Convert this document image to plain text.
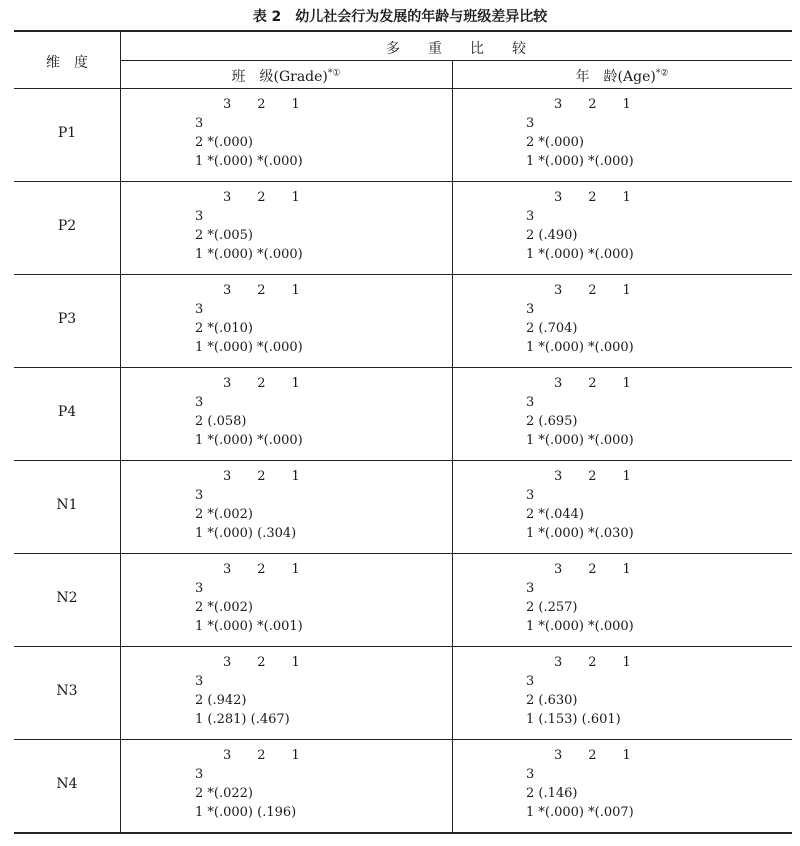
表 2　幼儿社会行为发展的年龄与班级差异比较
维　度
多　　重　　比　　较
班　级(Grade)*①	年　龄(Age)*②
P1
3　　2　　1
3
2 *(.000)
1 *(.000) *(.000)
3　　2　　1
3
2 *(.000)
1 *(.000) *(.000)
P2
3　　2　　1
3
2 *(.005)
1 *(.000) *(.000)
3　　2　　1
3
2 (.490)
1 *(.000) *(.000)
P3
3　　2　　1
3
2 *(.010)
1 *(.000) *(.000)
3　　2　　1
3
2 (.704)
1 *(.000) *(.000)
P4
3　　2　　1
3
2 (.058)
1 *(.000) *(.000)
3　　2　　1
3
2 (.695)
1 *(.000) *(.000)
N1
3　　2　　1
3
2 *(.002)
1 *(.000) (.304)
3　　2　　1
3
2 *(.044)
1 *(.000) *(.030)
N2
3　　2　　1
3
2 *(.002)
1 *(.000) *(.001)
3　　2　　1
3
2 (.257)
1 *(.000) *(.000)
N3
3　　2　　1
3
2 (.942)
1 (.281) (.467)
3　　2　　1
3
2 (.630)
1 (.153) (.601)
N4
3　　2　　1
3
2 *(.022)
1 *(.000) (.196)
3　　2　　1
3
2 (.146)
1 *(.000) *(.007)
